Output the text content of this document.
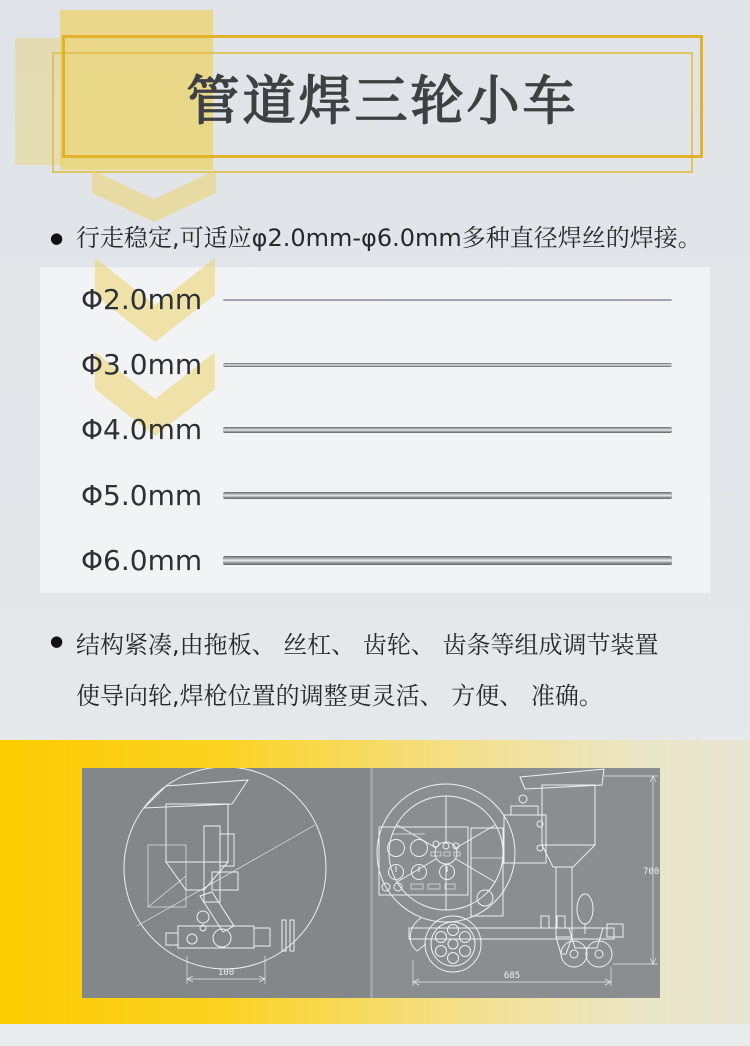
Φ2.0mm
Φ3.0mm
Φ4.0mm
Φ5.0mm
Φ6.0mm
管道焊三轮小车
● 行走稳定,可适应φ2.0mm-φ6.0mm多种直径焊丝的焊接。
● 结构紧凑,由拖板、 丝杠、 齿轮、 齿条等组成调节装置
使导向轮,焊枪位置的调整更灵活、 方便、 准确。
100	685
700
